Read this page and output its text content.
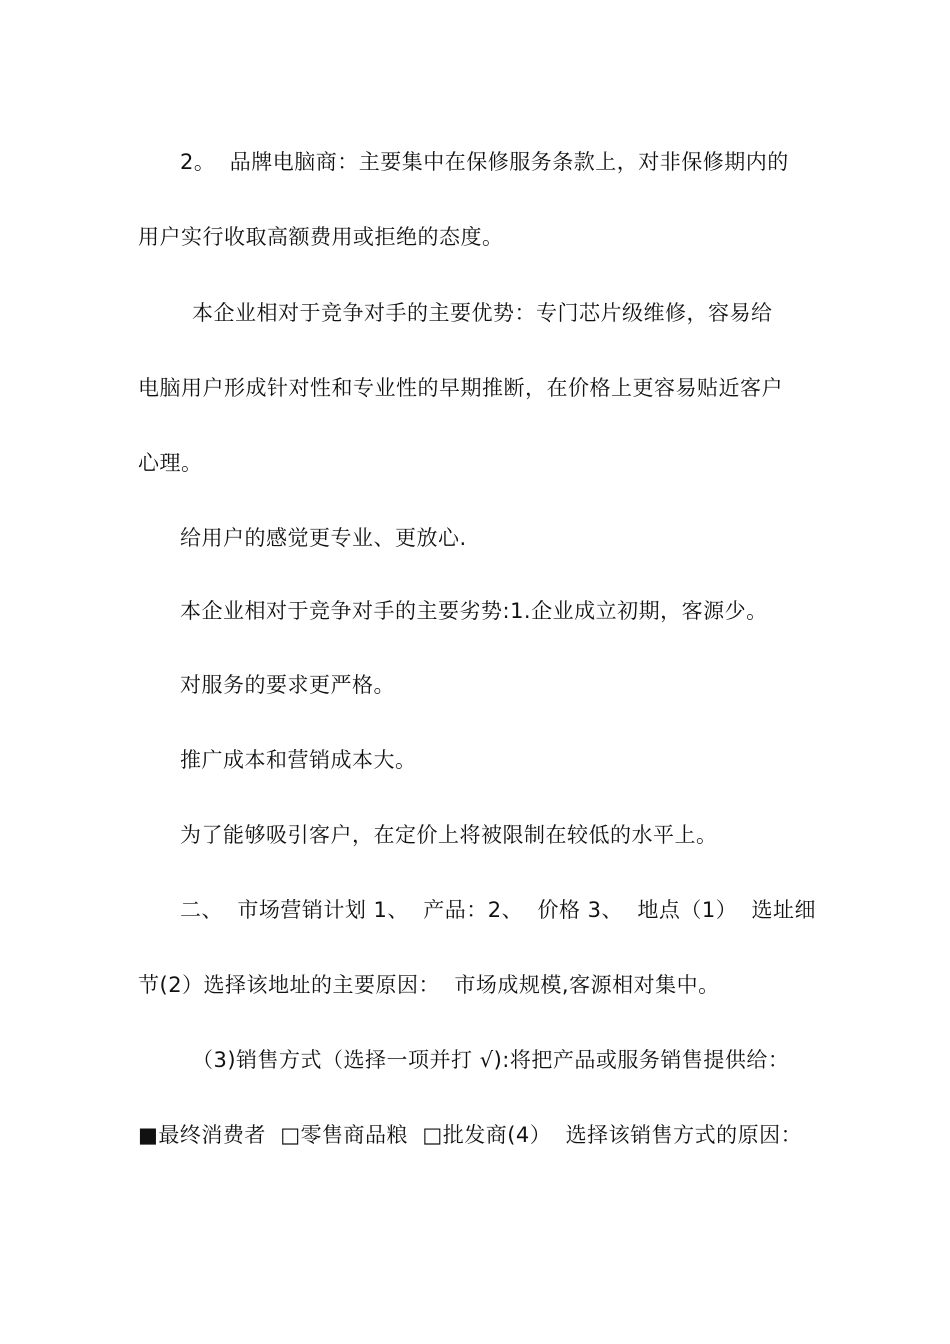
2。  品牌电脑商：主要集中在保修服务条款上，对非保修期内的
用户实行收取高额费用或拒绝的态度。
本企业相对于竞争对手的主要优势：专门芯片级维修，容易给
电脑用户形成针对性和专业性的早期推断，在价格上更容易贴近客户
心理。
给用户的感觉更专业、更放心.
本企业相对于竞争对手的主要劣势:1.企业成立初期，客源少。
对服务的要求更严格。
推广成本和营销成本大。
为了能够吸引客户，在定价上将被限制在较低的水平上。
二、  市场营销计划 1、  产品：2、  价格 3、  地点（1）  选址细
节(2）选择该地址的主要原因：  市场成规模,客源相对集中。
（3)销售方式（选择一项并打 √):将把产品或服务销售提供给：
■最终消费者  □零售商品粮  □批发商(4）  选择该销售方式的原因：
